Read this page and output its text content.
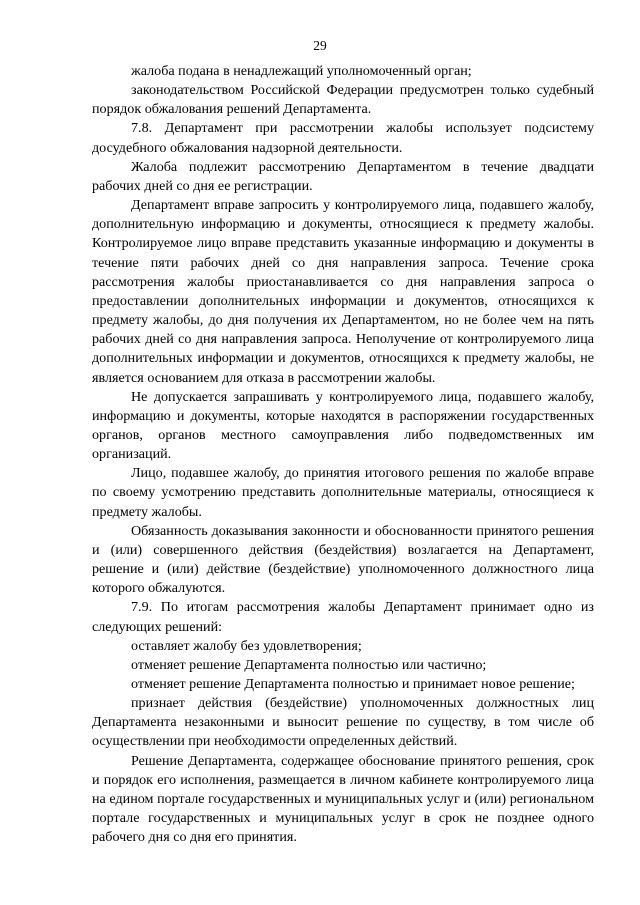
29

жалоба подана в ненадлежащий уполномоченный орган;

законодательством Российской Федерации предусмотрен только судебный порядок обжалования решений Департамента.

7.8. Департамент при рассмотрении жалобы использует подсистему досудебного обжалования надзорной деятельности.

Жалоба подлежит рассмотрению Департаментом в течение двадцати рабочих дней со дня ее регистрации.

Департамент вправе запросить у контролируемого лица, подавшего жалобу, дополнительную информацию и документы, относящиеся к предмету жалобы. Контролируемое лицо вправе представить указанные информацию и документы в течение пяти рабочих дней со дня направления запроса. Течение срока рассмотрения жалобы приостанавливается со дня направления запроса о предоставлении дополнительных информации и документов, относящихся к предмету жалобы, до дня получения их Департаментом, но не более чем на пять рабочих дней со дня направления запроса. Неполучение от контролируемого лица дополнительных информации и документов, относящихся к предмету жалобы, не является основанием для отказа в рассмотрении жалобы.

Не допускается запрашивать у контролируемого лица, подавшего жалобу, информацию и документы, которые находятся в распоряжении государственных органов, органов местного самоуправления либо подведомственных им организаций.

Лицо, подавшее жалобу, до принятия итогового решения по жалобе вправе по своему усмотрению представить дополнительные материалы, относящиеся к предмету жалобы.

Обязанность доказывания законности и обоснованности принятого решения и (или) совершенного действия (бездействия) возлагается на Департамент, решение и (или) действие (бездействие) уполномоченного должностного лица которого обжалуются.

7.9. По итогам рассмотрения жалобы Департамент принимает одно из следующих решений:

оставляет жалобу без удовлетворения;

отменяет решение Департамента полностью или частично;

отменяет решение Департамента полностью и принимает новое решение;

признает действия (бездействие) уполномоченных должностных лиц Департамента незаконными и выносит решение по существу, в том числе об осуществлении при необходимости определенных действий.

Решение Департамента, содержащее обоснование принятого решения, срок и порядок его исполнения, размещается в личном кабинете контролируемого лица на едином портале государственных и муниципальных услуг и (или) региональном портале государственных и муниципальных услуг в срок не позднее одного рабочего дня со дня его принятия.
